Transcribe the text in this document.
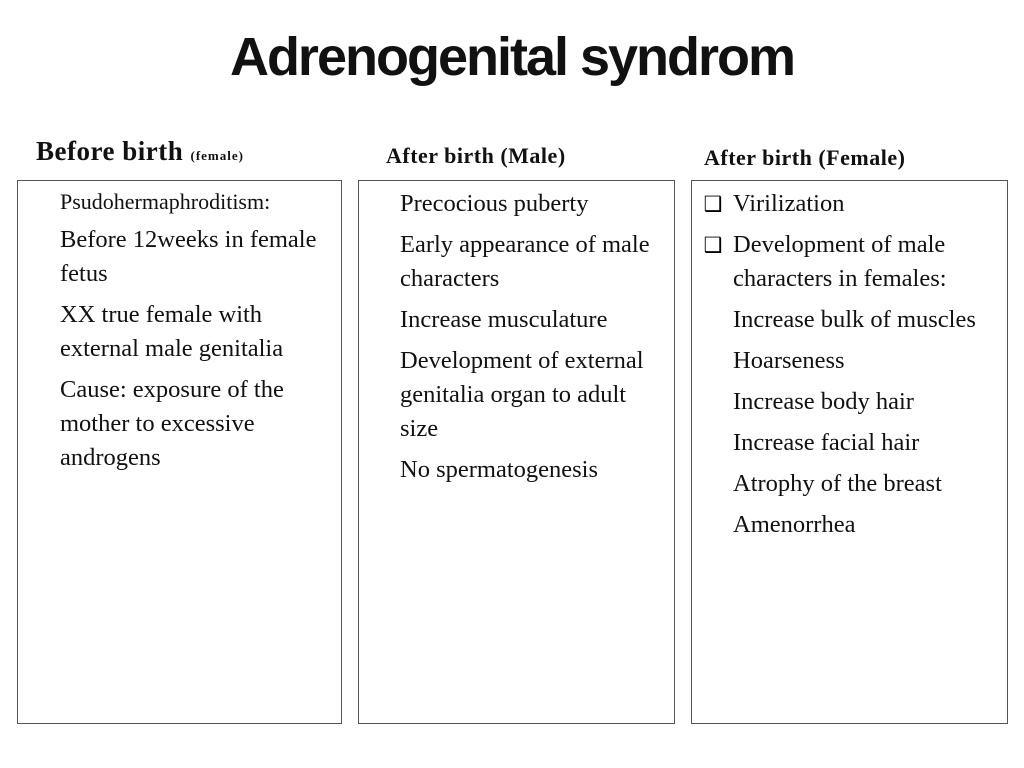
Adrenogenital syndrom
Before birth (female)	After birth (Male)	After birth (Female)
Psudohermaphroditism:
Before 12weeks in female fetus
XX true female with external male genitalia
Cause: exposure of the mother to excessive androgens
Precocious puberty
Early appearance of male characters
Increase musculature
Development of external genitalia organ to adult size
No spermatogenesis
❑ Virilization
❑ Development of male characters in females:
Increase bulk of muscles
Hoarseness
Increase body hair
Increase facial hair
Atrophy of the breast
Amenorrhea
